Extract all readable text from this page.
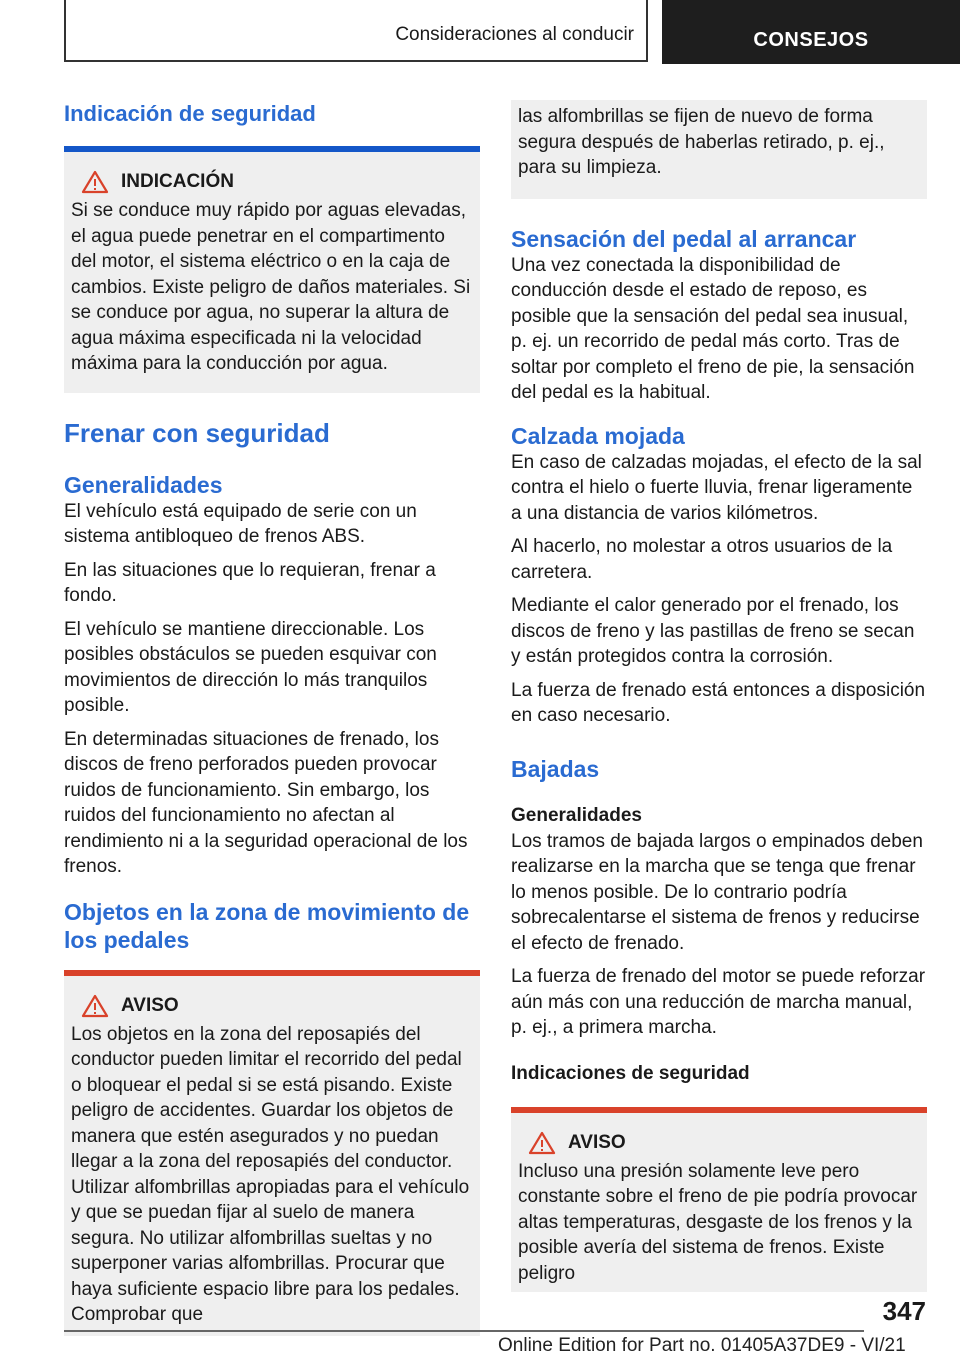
Consideraciones al conducir	CONSEJOS
Indicación de seguridad
INDICACIÓN

Si se conduce muy rápido por aguas elevadas, el agua puede penetrar en el compartimento del motor, el sistema eléctrico o en la caja de cambios. Existe peligro de daños materiales. Si se conduce por agua, no superar la altura de agua máxima especificada ni la velocidad máxima para la conducción por agua.

Frenar con seguridad
Generalidades

El vehículo está equipado de serie con un sistema antibloqueo de frenos ABS.

En las situaciones que lo requieran, frenar a fondo.

El vehículo se mantiene direccionable. Los posibles obstáculos se pueden esquivar con movimientos de dirección lo más tranquilos posible.

En determinadas situaciones de frenado, los discos de freno perforados pueden provocar ruidos de funcionamiento. Sin embargo, los ruidos del funcionamiento no afectan al rendimiento ni a la seguridad operacional de los frenos.

Objetos en la zona de movimiento de los pedales
AVISO

Los objetos en la zona del reposapiés del conductor pueden limitar el recorrido del pedal o bloquear el pedal si se está pisando. Existe peligro de accidentes. Guardar los objetos de manera que estén asegurados y no puedan llegar a la zona del reposapiés del conductor. Utilizar alfombrillas apropiadas para el vehículo y que se puedan fijar al suelo de manera segura. No utilizar alfombrillas sueltas y no superponer varias alfombrillas. Procurar que haya suficiente espacio libre para los pedales. Comprobar que

las alfombrillas se fijen de nuevo de forma segura después de haberlas retirado, p. ej., para su limpieza.

Sensación del pedal al arrancar

Una vez conectada la disponibilidad de conducción desde el estado de reposo, es posible que la sensación del pedal sea inusual, p. ej. un recorrido de pedal más corto. Tras de soltar por completo el freno de pie, la sensación del pedal es la habitual.

Calzada mojada

En caso de calzadas mojadas, el efecto de la sal contra el hielo o fuerte lluvia, frenar ligeramente a una distancia de varios kilómetros.

Al hacerlo, no molestar a otros usuarios de la carretera.

Mediante el calor generado por el frenado, los discos de freno y las pastillas de freno se secan y están protegidos contra la corrosión.

La fuerza de frenado está entonces a disposición en caso necesario.

Bajadas
Generalidades

Los tramos de bajada largos o empinados deben realizarse en la marcha que se tenga que frenar lo menos posible. De lo contrario podría sobrecalentarse el sistema de frenos y reducirse el efecto de frenado.

La fuerza de frenado del motor se puede reforzar aún más con una reducción de marcha manual, p. ej., a primera marcha.

Indicaciones de seguridad
AVISO

Incluso una presión solamente leve pero constante sobre el freno de pie podría provocar altas temperaturas, desgaste de los frenos y la posible avería del sistema de frenos. Existe peligro

347
Online Edition for Part no. 01405A37DE9 - VI/21
